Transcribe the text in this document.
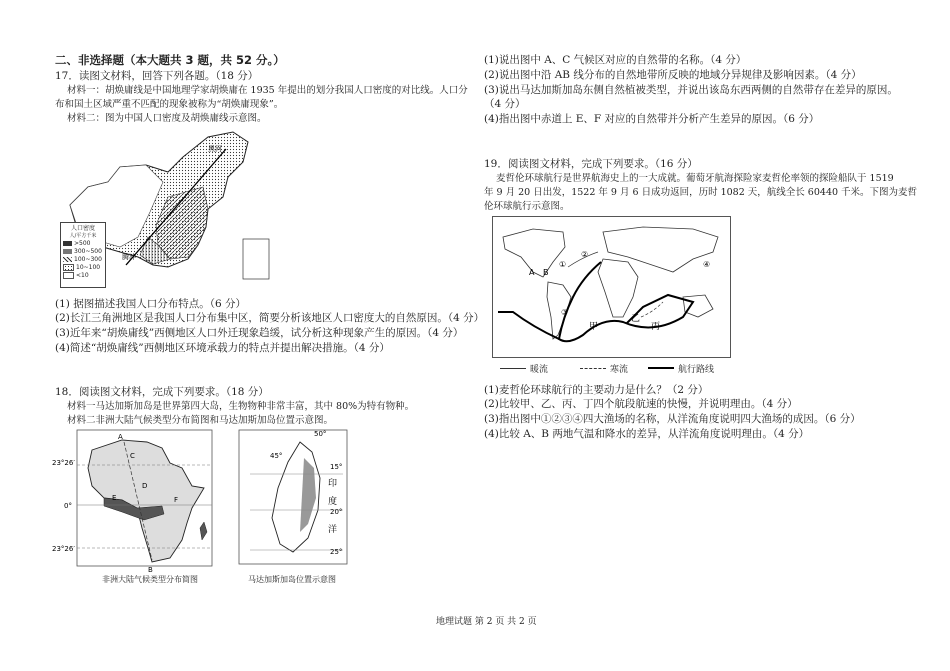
二、非选择题（本大题共 3 题，共 52 分。）
17．读图文材料，回答下列各题。（18 分）
材料一：胡焕庸线是中国地理学家胡焕庸在 1935 年提出的划分我国人口密度的对比线。人口分
布和国土区域严重不匹配的现象被称为“胡焕庸现象”。
材料二：图为中国人口密度及胡焕庸线示意图。
黑河
腾冲
人口密度
人/平方千米
>500
300~500
100~300
10~100
<10
(1) 据图描述我国人口分布特点。（6 分）
(2)长江三角洲地区是我国人口分布集中区，简要分析该地区人口密度大的自然原因。（4 分）
(3)近年来“胡焕庸线”西侧地区人口外迁现象趋缓，试分析这种现象产生的原因。（4 分）
(4)简述“胡焕庸线”西侧地区环境承载力的特点并提出解决措施。（4 分）
18．阅读图文材料，完成下列要求。（18 分）
材料一马达加斯加岛是世界第四大岛，生物物种非常丰富，其中 80%为特有物种。
材料二非洲大陆气候类型分布简图和马达加斯加岛位置示意图。
23°26′
0°
23°26′
A
B
C
D
E	F
非洲大陆气候类型分布简图
50°
45°
15°
印
度
20°
洋
25°
马达加斯加岛位置示意图
(1)说出图中 A、C 气候区对应的自然带的名称。（4 分）
(2)说出图中沿 AB 线分布的自然地带所反映的地域分异规律及影响因素。（4 分）
(3)说出马达加斯加岛东侧自然植被类型，并说出该岛东西两侧的自然带存在差异的原因。
（4 分）
(4)指出图中赤道上 E、F 对应的自然带并分析产生差异的原因。（6 分）
19．阅读图文材料，完成下列要求。（16 分）
麦哲伦环球航行是世界航海史上的一大成就。葡萄牙航海探险家麦哲伦率领的探险船队于 1519
年 9 月 20 日出发，1522 年 9 月 6 日成功返回，历时 1082 天，航线全长 60440 千米。下图为麦哲
伦环球航行示意图。
A B
①
②
③
④
甲
乙
丙
暖流	寒流	航行路线
(1)麦哲伦环球航行的主要动力是什么？（2 分）
(2)比较甲、乙、丙、丁四个航段航速的快慢，并说明理由。（4 分）
(3)指出图中①②③④四大渔场的名称，从洋流角度说明四大渔场的成因。（6 分）
(4)比较 A、B 两地气温和降水的差异，从洋流角度说明理由。（4 分）
地理试题 第 2 页 共 2 页
